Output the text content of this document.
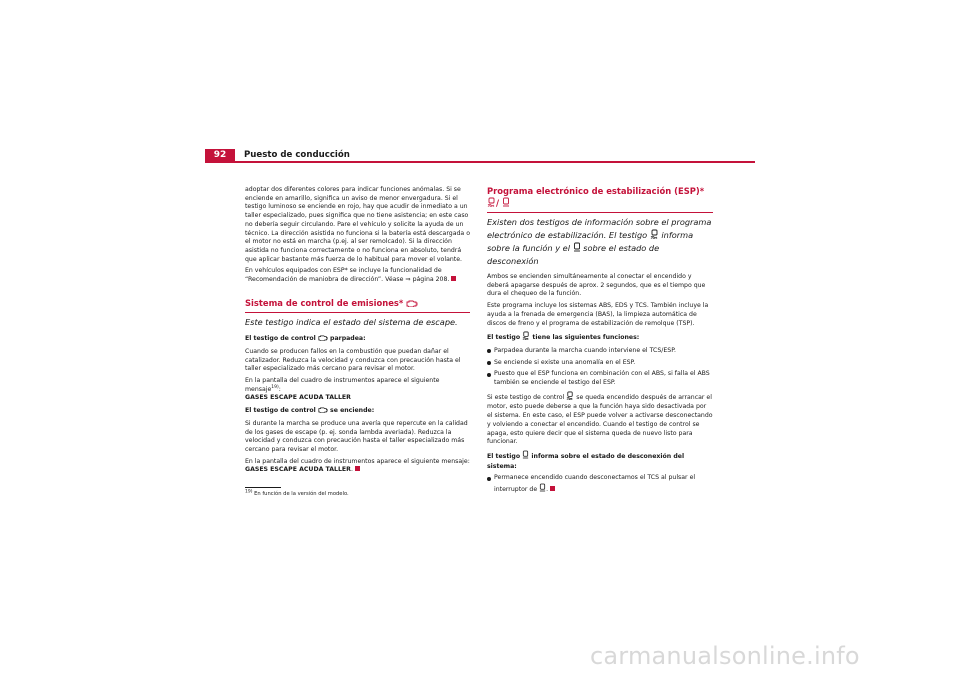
92	Puesto de conducción

adoptar dos diferentes colores para indicar funciones anómalas. Si se enciende en amarillo, significa un aviso de menor envergadura. Si el testigo luminoso se enciende en rojo, hay que acudir de inmediato a un taller especializado, pues significa que no tiene asistencia; en este caso no debería seguir circulando. Pare el vehículo y solicite la ayuda de un técnico. La dirección asistida no funciona si la batería está descargada o el motor no está en marcha (p.ej. al ser remolcado). Si la dirección asistida no funciona correctamente o no funciona en absoluto, tendrá que aplicar bastante más fuerza de lo habitual para mover el volante.

En vehículos equipados con ESP* se incluye la funcionalidad de “Recomendación de maniobra de dirección”. Véase ⇒ página 208.

Sistema de control de emisiones*
Este testigo indica el estado del sistema de escape.

El testigo de control  parpadea:

Cuando se producen fallos en la combustión que puedan dañar el catalizador. Reduzca la velocidad y conduzca con precaución hasta el taller especializado más cercano para revisar el motor.

En la pantalla del cuadro de instrumentos aparece el siguiente mensaje$^{19)}$:
GASES ESCAPE ACUDA TALLER

El testigo de control  se enciende:

Si durante la marcha se produce una avería que repercute en la calidad de los gases de escape (p. ej. sonda lambda averiada). Reduzca la velocidad y conduzca con precaución hasta el taller especializado más cercano para revisar el motor.

En la pantalla del cuadro de instrumentos aparece el siguiente mensaje:
GASES ESCAPE ACUDA TALLER.

$^{19)}$ En función de la versión del modelo.
Programa electrónico de estabilización (ESP)* /
Existen dos testigos de información sobre el programa electrónico de estabilización. El testigo  informa sobre la función y el  sobre el estado de desconexión

Ambos se encienden simultáneamente al conectar el encendido y deberá apagarse después de aprox. 2 segundos, que es el tiempo que dura el chequeo de la función.

Este programa incluye los sistemas ABS, EDS y TCS. También incluye la ayuda a la frenada de emergencia (BAS), la limpieza automática de discos de freno y el programa de estabilización de remolque (TSP).

El testigo  tiene las siguientes funciones:

Parpadea durante la marcha cuando interviene el TCS/ESP.
Se enciende si existe una anomalía en el ESP.
Puesto que el ESP funciona en combinación con el ABS, si falla el ABS también se enciende el testigo del ESP.

Si este testigo de control  se queda encendido después de arrancar el motor, esto puede deberse a que la función haya sido desactivada por el sistema. En este caso, el ESP puede volver a activarse desconectando y volviendo a conectar el encendido. Cuando el testigo de control se apaga, esto quiere decir que el sistema queda de nuevo listo para funcionar.

El testigo  informa sobre el estado de desconexión del sistema:

Permanece encendido cuando desconectamos el TCS al pulsar el interruptor de .
carmanualsonline.info
